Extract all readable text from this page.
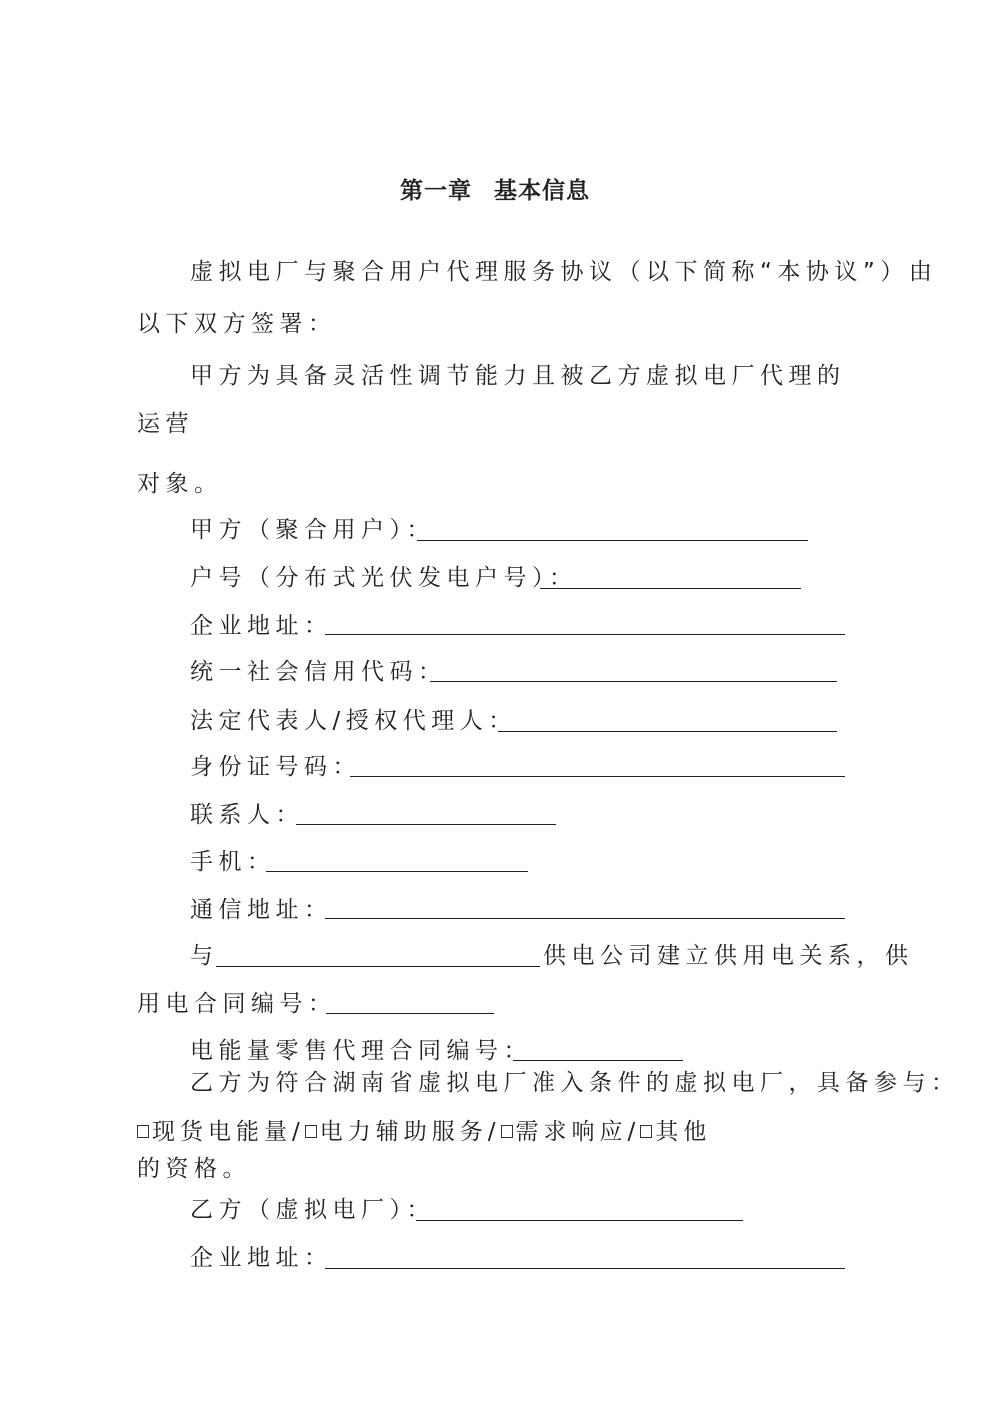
第一章 基本信息
虚拟电厂与聚合用户代理服务协议（以下简称“本协议”）由
以下双方签署：
甲方为具备灵活性调节能力且被乙方虚拟电厂代理的
运营
对象。
甲方（聚合用户）：
户号（分布式光伏发电户号）：
企业地址：
统一社会信用代码：
法定代表人/授权代理人：
身份证号码：
联系人：
手机：
通信地址：
与	供电公司建立供用电关系，供
用电合同编号：
电能量零售代理合同编号：
乙方为符合湖南省虚拟电厂准入条件的虚拟电厂，具备参与：
现货电能量/ 电力辅助服务/ 需求响应/ 其他
的资格。
乙方（虚拟电厂）：
企业地址：
